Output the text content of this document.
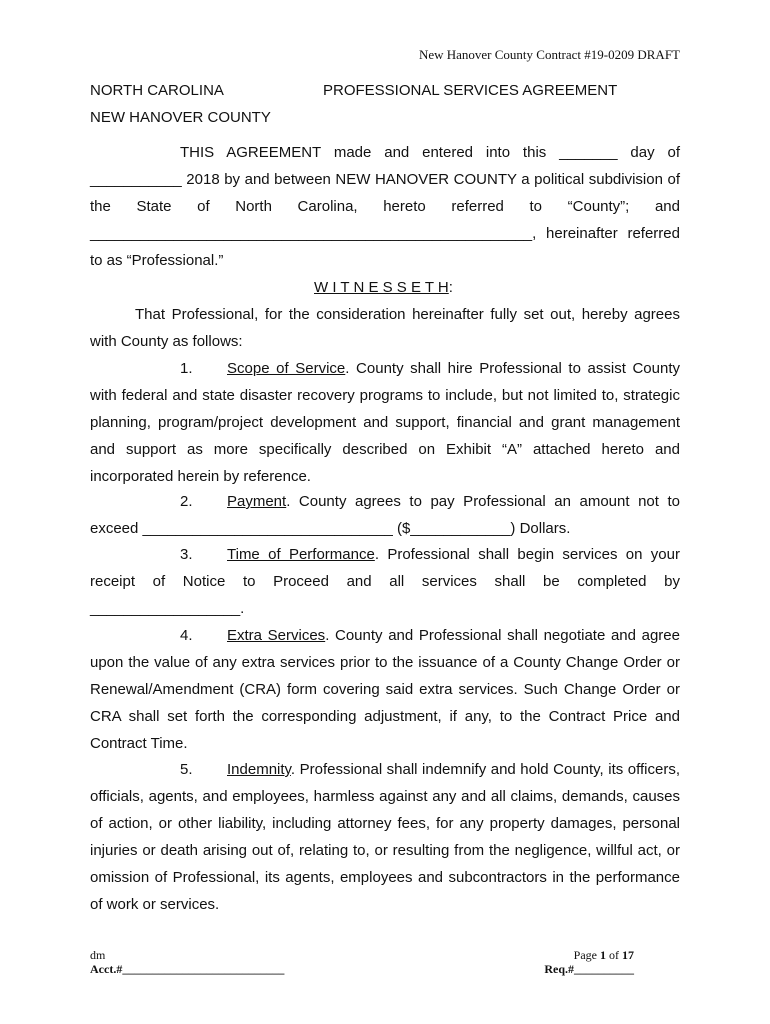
New Hanover County Contract #19-0209 DRAFT
NORTH CAROLINA	PROFESSIONAL SERVICES AGREEMENT
NEW HANOVER COUNTY
THIS AGREEMENT made and entered into this _______ day of
___________ 2018 by and between NEW HANOVER COUNTY a political subdivision of
the State of North Carolina, hereto referred to “County”; and
_____________________________________________________, hereinafter referred
to as “Professional.”
W I T N E S S E T H:
That Professional, for the consideration hereinafter fully set out, hereby agrees
with County as follows:
1. Scope of Service. County shall hire Professional to assist County
with federal and state disaster recovery programs to include, but not limited to, strategic
planning, program/project development and support, financial and grant management
and support as more specifically described on Exhibit “A” attached hereto and
incorporated herein by reference.
2. Payment. County agrees to pay Professional an amount not to
exceed ______________________________ ($____________) Dollars.
3. Time of Performance. Professional shall begin services on your
receipt of Notice to Proceed and all services shall be completed by
__________________.
4. Extra Services. County and Professional shall negotiate and agree
upon the value of any extra services prior to the issuance of a County Change Order or
Renewal/Amendment (CRA) form covering said extra services. Such Change Order or
CRA shall set forth the corresponding adjustment, if any, to the Contract Price and
Contract Time.
5. Indemnity. Professional shall indemnify and hold County, its officers,
officials, agents, and employees, harmless against any and all claims, demands, causes
of action, or other liability, including attorney fees, for any property damages, personal
injuries or death arising out of, relating to, or resulting from the negligence, willful act, or
omission of Professional, its agents, employees and subcontractors in the performance
of work or services.
dm
Acct.#___________________________
Page 1 of 17
Req.#__________
